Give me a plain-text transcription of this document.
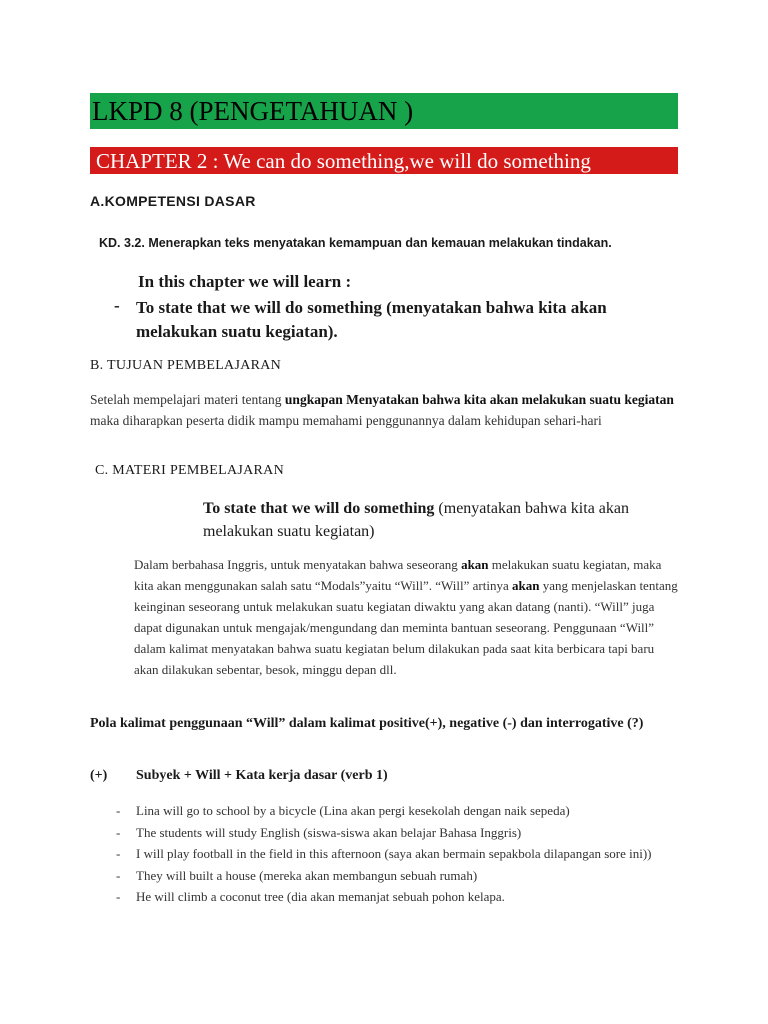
LKPD 8 (PENGETAHUAN )
CHAPTER 2 : We can do something,we will do something
A.KOMPETENSI DASAR
KD. 3.2. Menerapkan teks menyatakan kemampuan dan kemauan melakukan tindakan.
In this chapter we will learn :
- To state that we will do something (menyatakan bahwa kita akan melakukan suatu kegiatan).
B. TUJUAN PEMBELAJARAN
Setelah mempelajari materi tentang ungkapan Menyatakan bahwa kita akan melakukan suatu kegiatan maka diharapkan peserta didik mampu memahami penggunannya dalam kehidupan sehari-hari
C. MATERI PEMBELAJARAN
To state that we will do something (menyatakan bahwa kita akan melakukan suatu kegiatan)
Dalam berbahasa Inggris, untuk menyatakan bahwa seseorang akan melakukan suatu kegiatan, maka kita akan menggunakan salah satu “Modals”yaitu “Will”. “Will” artinya akan yang menjelaskan tentang keinginan seseorang untuk melakukan suatu kegiatan diwaktu yang akan datang (nanti). “Will” juga dapat digunakan untuk mengajak/mengundang dan meminta bantuan seseorang. Penggunaan “Will” dalam kalimat menyatakan bahwa suatu kegiatan belum dilakukan pada saat kita berbicara tapi baru akan dilakukan sebentar, besok, minggu depan dll.
Pola kalimat penggunaan “Will” dalam kalimat positive(+), negative (-) dan interrogative (?)
(+) Subyek + Will + Kata kerja dasar (verb 1)
- Lina will go to school by a bicycle (Lina akan pergi kesekolah dengan naik sepeda)
- The students will study English (siswa-siswa akan belajar Bahasa Inggris)
- I will play football in the field in this afternoon (saya akan bermain sepakbola dilapangan sore ini))
- They will built a house (mereka akan membangun sebuah rumah)
- He will climb a coconut tree (dia akan memanjat sebuah pohon kelapa.
